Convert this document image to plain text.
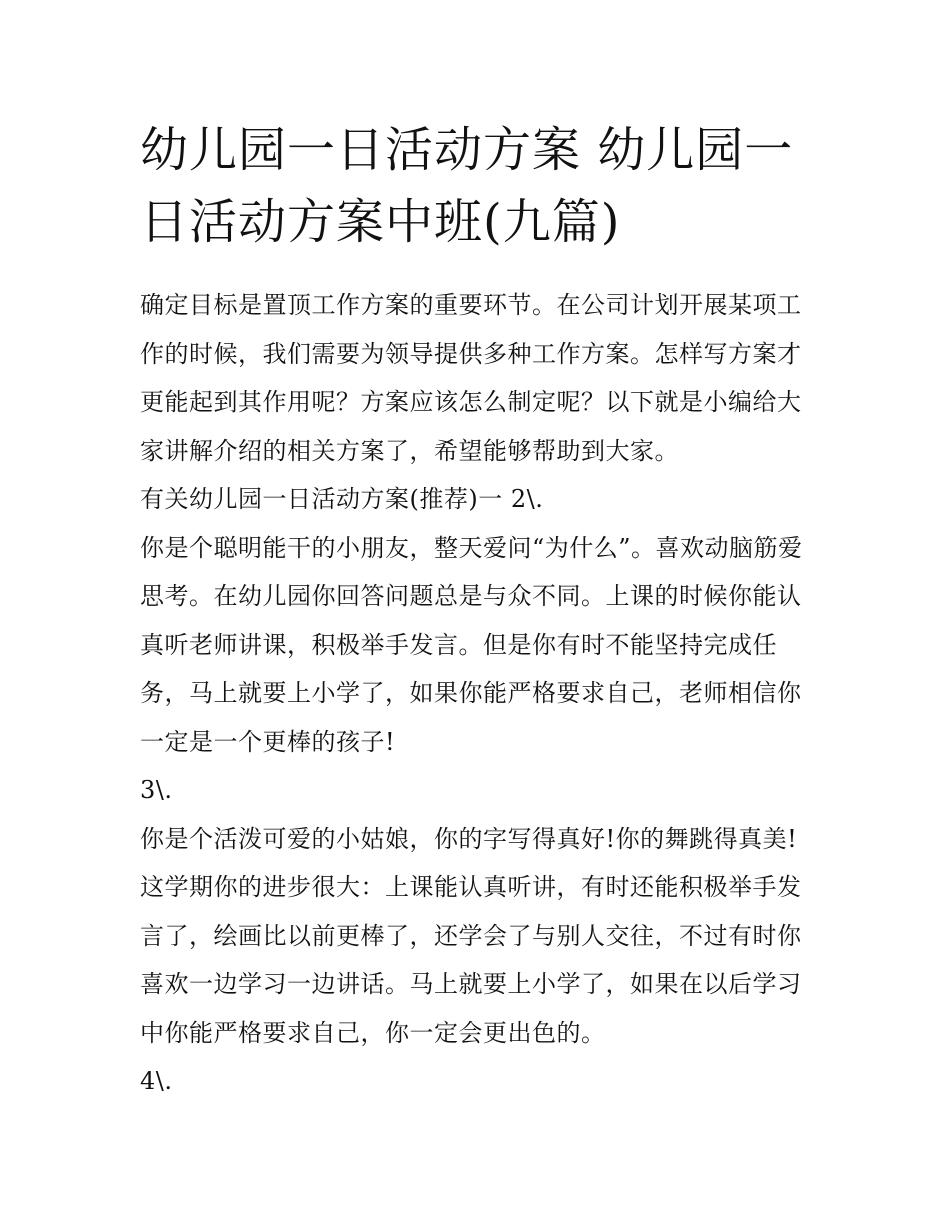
幼儿园一日活动方案 幼儿园一日活动方案中班(九篇)

确定目标是置顶工作方案的重要环节。在公司计划开展某项工作的时候，我们需要为领导提供多种工作方案。怎样写方案才更能起到其作用呢？方案应该怎么制定呢？以下就是小编给大家讲解介绍的相关方案了，希望能够帮助到大家。

有关幼儿园一日活动方案(推荐)一 2\.

你是个聪明能干的小朋友，整天爱问“为什么”。喜欢动脑筋爱思考。在幼儿园你回答问题总是与众不同。上课的时候你能认真听老师讲课，积极举手发言。但是你有时不能坚持完成任务，马上就要上小学了，如果你能严格要求自己，老师相信你一定是一个更棒的孩子!

3\.

你是个活泼可爱的小姑娘，你的字写得真好!你的舞跳得真美!这学期你的进步很大：上课能认真听讲，有时还能积极举手发言了，绘画比以前更棒了，还学会了与别人交往，不过有时你喜欢一边学习一边讲话。马上就要上小学了，如果在以后学习中你能严格要求自己，你一定会更出色的。

4\.
